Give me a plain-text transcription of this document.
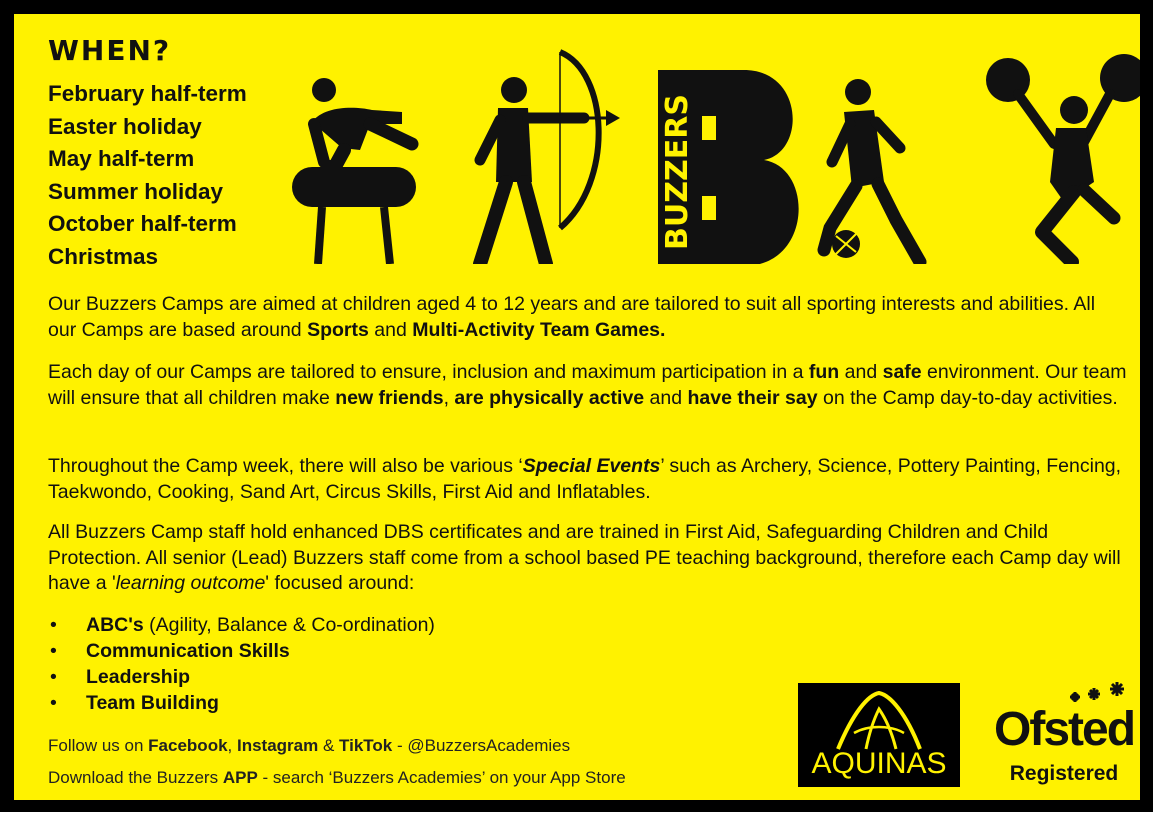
WHEN?
February half-term
Easter holiday
May half-term
Summer holiday
October half-term
Christmas
BUZZERS

Our Buzzers Camps are aimed at children aged 4 to 12 years and are tailored to suit all sporting interests and abilities. All our Camps are based around Sports and Multi-Activity Team Games.

Each day of our Camps are tailored to ensure, inclusion and maximum participation in a fun and safe environment. Our team will ensure that all children make new friends, are physically active and have their say on the Camp day-to-day activities.

Throughout the Camp week, there will also be various ‘Special Events’ such as Archery, Science, Pottery Painting, Fencing, Taekwondo, Cooking, Sand Art, Circus Skills, First Aid and Inflatables.

All Buzzers Camp staff hold enhanced DBS certificates and are trained in First Aid, Safeguarding Children and Child Protection. All senior (Lead) Buzzers staff come from a school based PE teaching background, therefore each Camp day will have a 'learning outcome' focused around:

• ABC's (Agility, Balance & Co-ordination)
• Communication Skills
• Leadership
• Team Building

Follow us on Facebook, Instagram & TikTok - @BuzzersAcademies

Download the Buzzers APP - search ‘Buzzers Academies’ on your App Store	AQUINAS
Ofsted
Registered
